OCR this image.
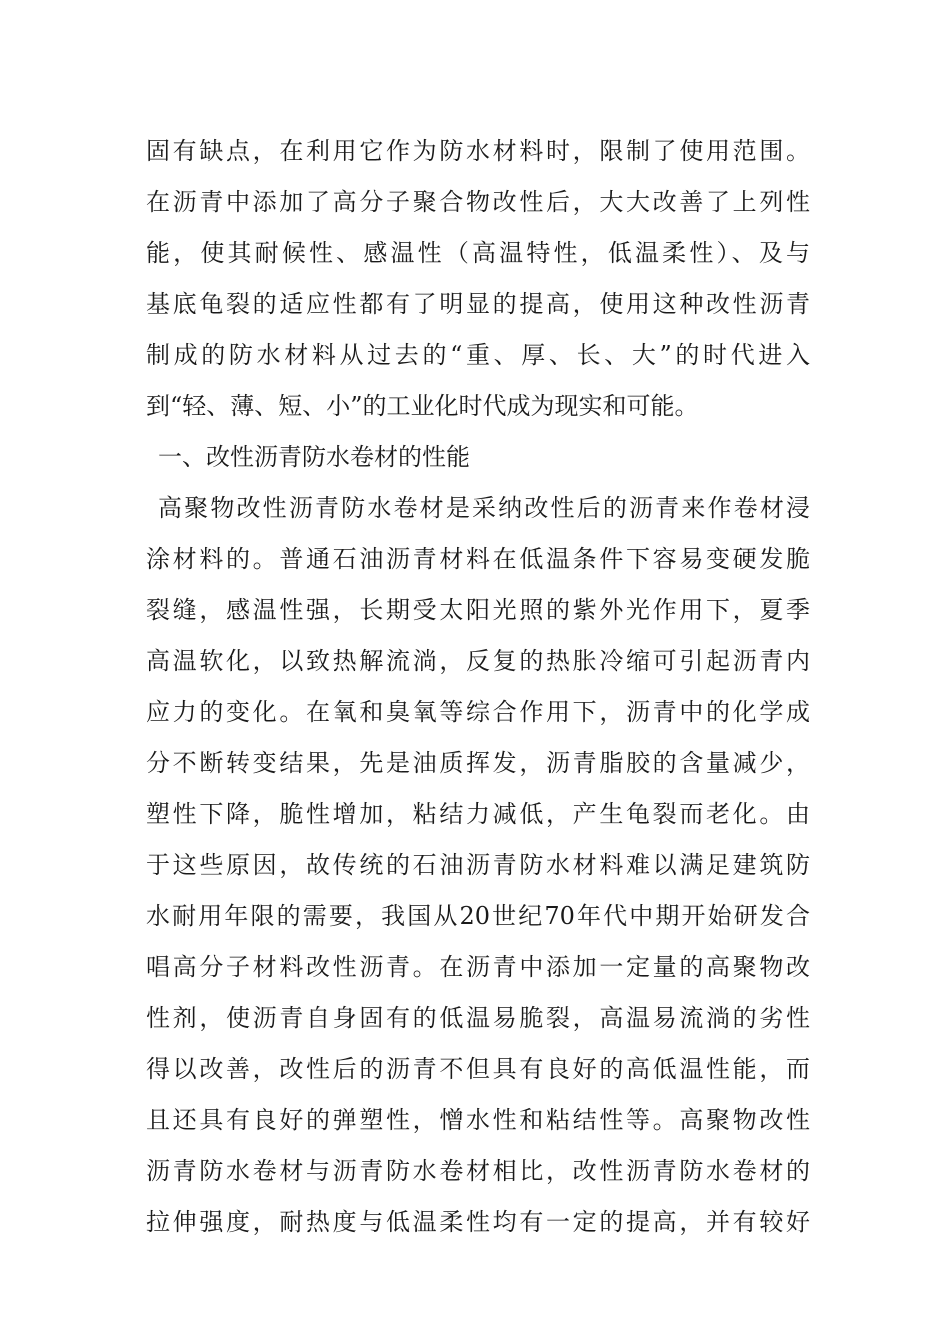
固有缺点，在利用它作为防水材料时，限制了使用范围。
在沥青中添加了高分子聚合物改性后，大大改善了上列性
能，使其耐候性、感温性（高温特性，低温柔性）、及与
基底龟裂的适应性都有了明显的提高，使用这种改性沥青
制成的防水材料从过去的“重、厚、长、大”的时代进入
到“轻、薄、短、小”的工业化时代成为现实和可能。
一、改性沥青防水卷材的性能
高聚物改性沥青防水卷材是采纳改性后的沥青来作卷材浸
涂材料的。普通石油沥青材料在低温条件下容易变硬发脆
裂缝，感温性强，长期受太阳光照的紫外光作用下，夏季
高温软化，以致热解流淌，反复的热胀冷缩可引起沥青内
应力的变化。在氧和臭氧等综合作用下，沥青中的化学成
分不断转变结果，先是油质挥发，沥青脂胶的含量减少，
塑性下降，脆性增加，粘结力减低，产生龟裂而老化。由
于这些原因，故传统的石油沥青防水材料难以满足建筑防
水耐用年限的需要，我国从20世纪70年代中期开始研发合
唱高分子材料改性沥青。在沥青中添加一定量的高聚物改
性剂，使沥青自身固有的低温易脆裂，高温易流淌的劣性
得以改善，改性后的沥青不但具有良好的高低温性能，而
且还具有良好的弹塑性，憎水性和粘结性等。高聚物改性
沥青防水卷材与沥青防水卷材相比，改性沥青防水卷材的
拉伸强度，耐热度与低温柔性均有一定的提高，并有较好
